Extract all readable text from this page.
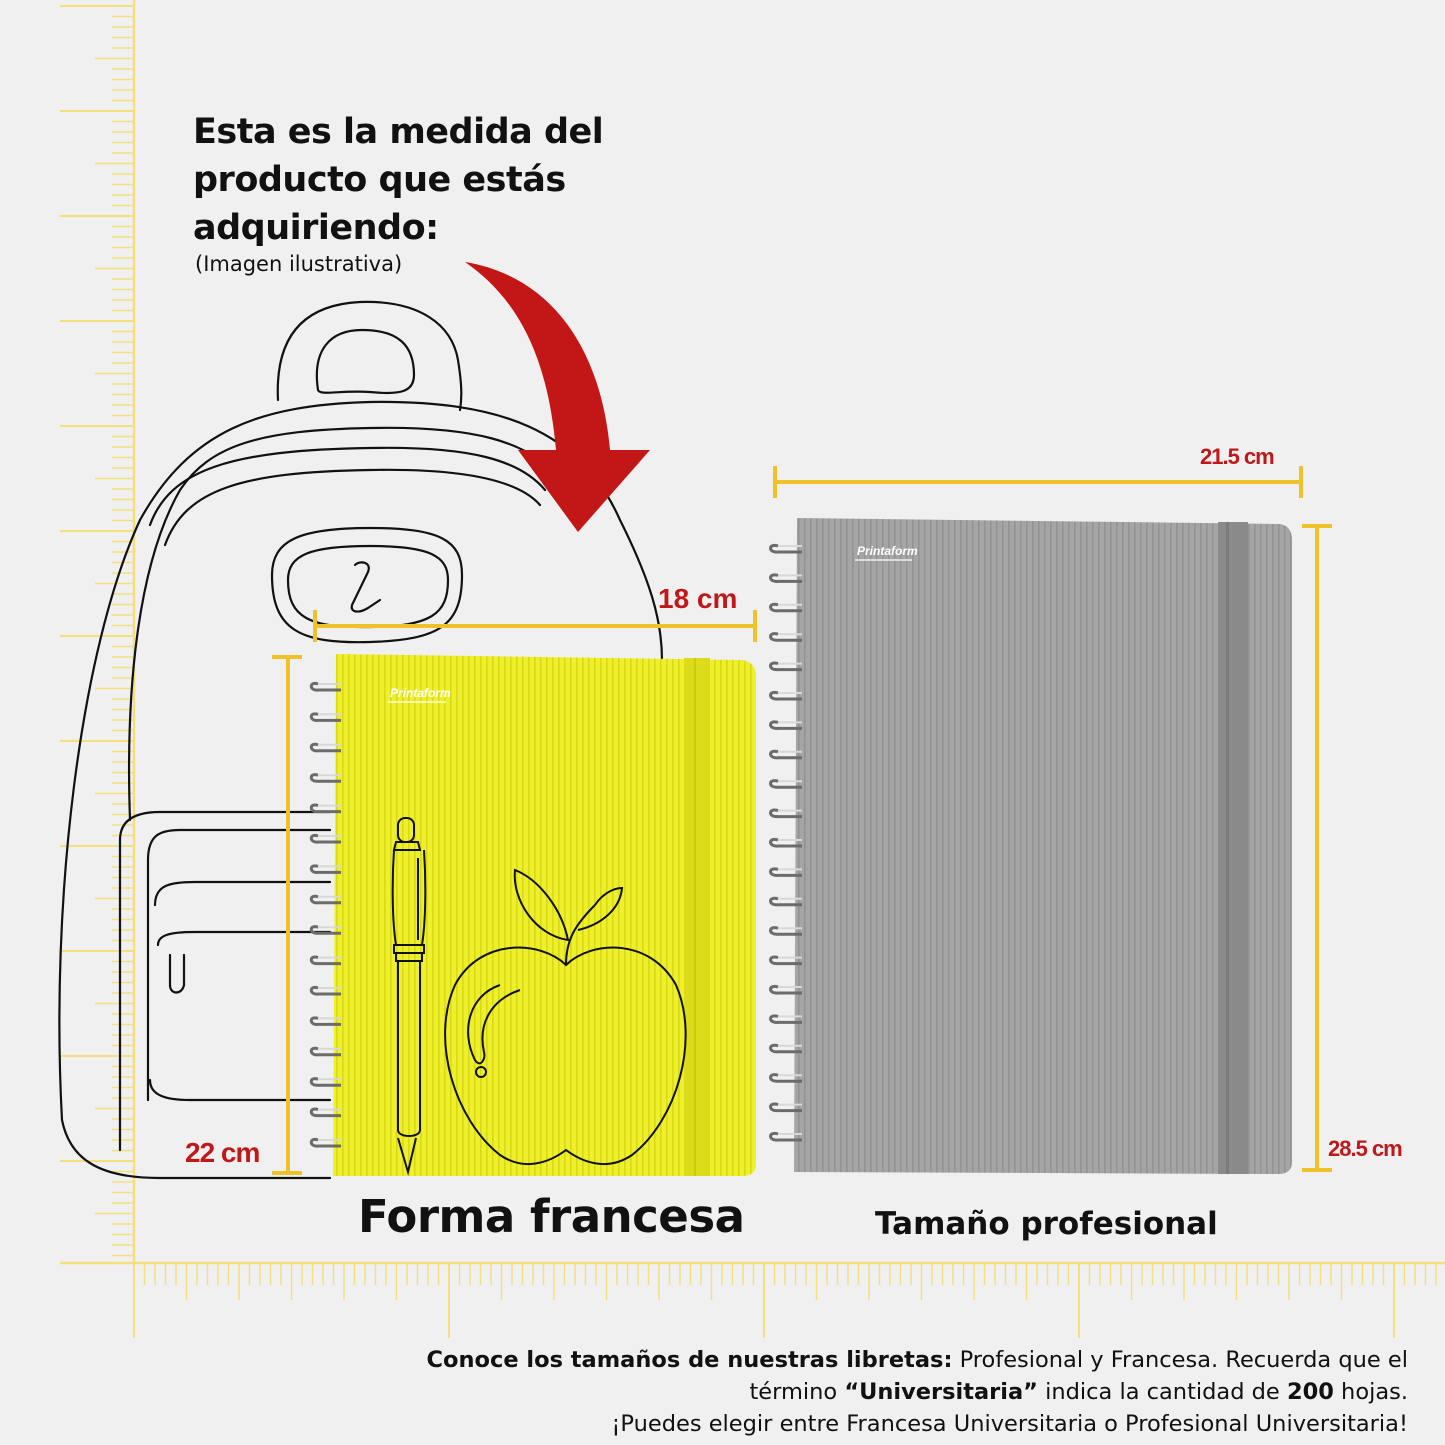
Esta es la medida del
producto que estás
adquiriendo:
(Imagen ilustrativa)
Printaform
Printaform
21.5 cm
28.5 cm
18 cm
22 cm
Forma francesa	Tamaño profesional
Conoce los tamaños de nuestras libretas: Profesional y Francesa. Recuerda que el
término “Universitaria” indica la cantidad de 200 hojas.
¡Puedes elegir entre Francesa Universitaria o Profesional Universitaria!
